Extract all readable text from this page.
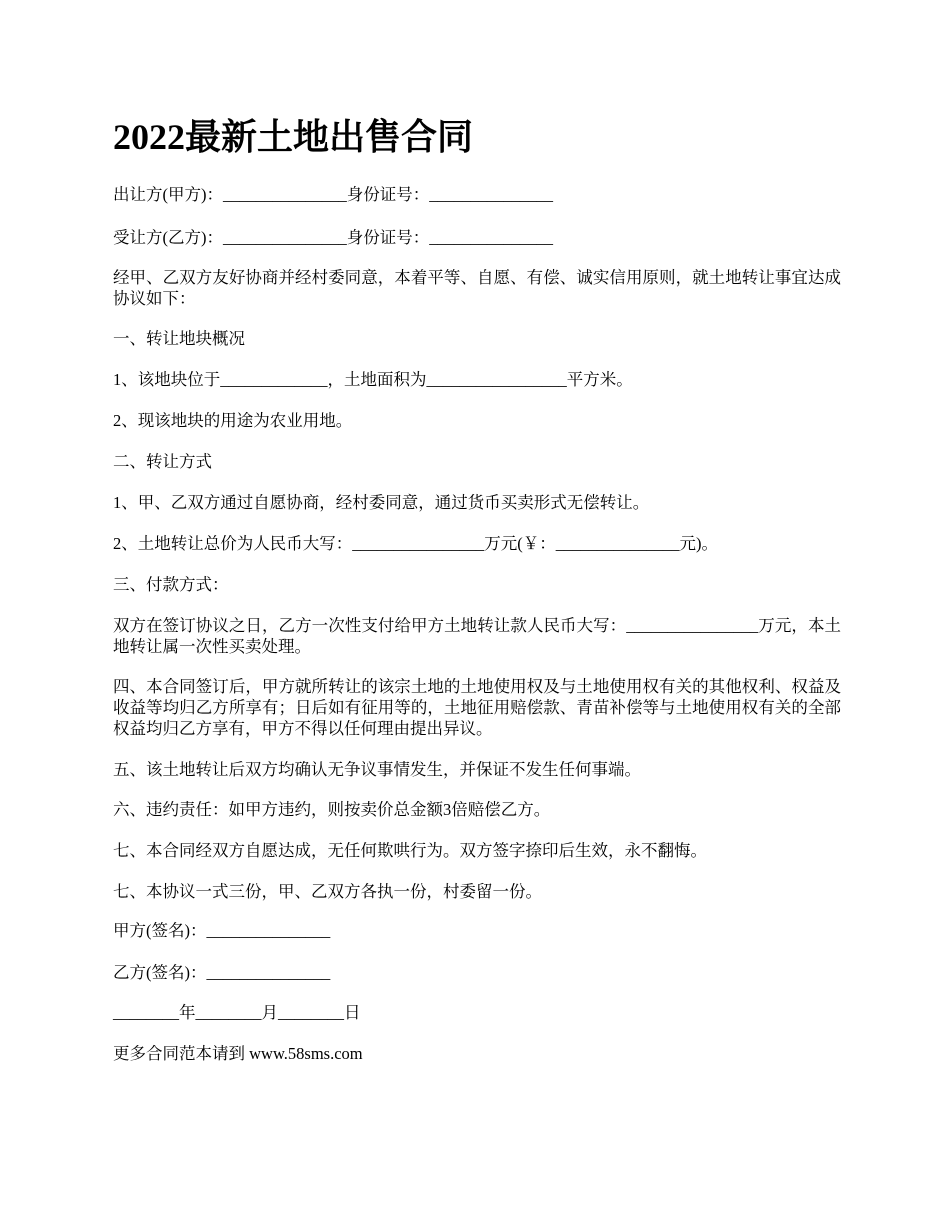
2022最新土地出售合同

出让方(甲方)：_______________身份证号：_______________

受让方(乙方)：_______________身份证号：_______________

经甲、乙双方友好协商并经村委同意，本着平等、自愿、有偿、诚实信用原则，就土地转让事宜达成协议如下：

一、转让地块概况

1、该地块位于_____________，土地面积为_________________平方米。

2、现该地块的用途为农业用地。

二、转让方式

1、甲、乙双方通过自愿协商，经村委同意，通过货币买卖形式无偿转让。

2、土地转让总价为人民币大写：________________万元(￥：_______________元)。

三、付款方式：

双方在签订协议之日，乙方一次性支付给甲方土地转让款人民币大写：________________万元，本土地转让属一次性买卖处理。

四、本合同签订后，甲方就所转让的该宗土地的土地使用权及与土地使用权有关的其他权利、权益及收益等均归乙方所享有；日后如有征用等的，土地征用赔偿款、青苗补偿等与土地使用权有关的全部权益均归乙方享有，甲方不得以任何理由提出异议。

五、该土地转让后双方均确认无争议事情发生，并保证不发生任何事端。

六、违约责任：如甲方违约，则按卖价总金额3倍赔偿乙方。

七、本合同经双方自愿达成，无任何欺哄行为。双方签字捺印后生效，永不翻悔。

七、本协议一式三份，甲、乙双方各执一份，村委留一份。

甲方(签名)：_______________

乙方(签名)：_______________

________年________月________日

更多合同范本请到 www.58sms.com
